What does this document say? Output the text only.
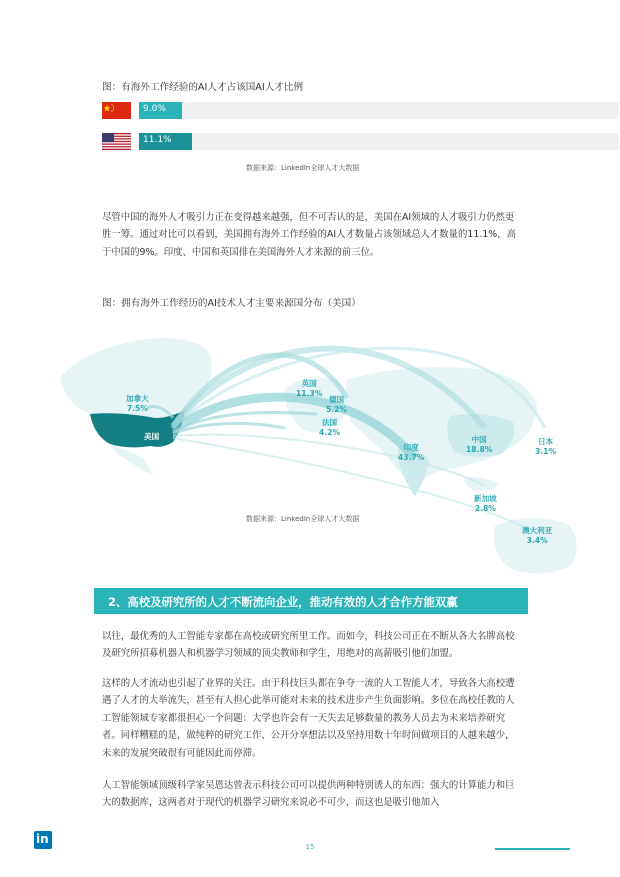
图：有海外工作经验的AI人才占该国AI人才比例
9.0%
11.1%
数据来源：LinkedIn全球人才大数据
尽管中国的海外人才吸引力正在变得越来越强，但不可否认的是，美国在AI领域的人才吸引力仍然更胜一筹。通过对比可以看到，美国拥有海外工作经验的AI人才数量占该领域总人才数量的11.1%，高于中国的9%。印度、中国和英国排在美国海外人才来源的前三位。
图：拥有海外工作经历的AI技术人才主要来源国分布（美国）
加拿大
7.5%
美国
英国
11.3%
德国
5.2%
法国
4.2%
印度
43.7%
中国
18.8%
日本
3.1%
新加坡
2.8%
澳大利亚
3.4%
数据来源：LinkedIn全球人才大数据
2、高校及研究所的人才不断流向企业，推动有效的人才合作方能双赢
以往，最优秀的人工智能专家都在高校或研究所里工作。而如今，科技公司正在不断从各大名牌高校及研究所招募机器人和机器学习领域的顶尖教师和学生，用绝对的高薪吸引他们加盟。
这样的人才流动也引起了业界的关注。由于科技巨头都在争夺一流的人工智能人才，导致各大高校遭遇了人才的大举流失，甚至有人担心此举可能对未来的技术进步产生负面影响。多位在高校任教的人工智能领域专家都很担心一个问题：大学也许会有一天失去足够数量的教务人员去为未来培养研究者。同样糟糕的是，做纯粹的研究工作、公开分享想法以及坚持用数十年时间做项目的人越来越少，未来的发展突破很有可能因此而停滞。
人工智能领域顶级科学家吴恩达曾表示科技公司可以提供两种特别诱人的东西：强大的计算能力和巨大的数据库，这两者对于现代的机器学习研究来说必不可少，而这也是吸引他加入
in
15
